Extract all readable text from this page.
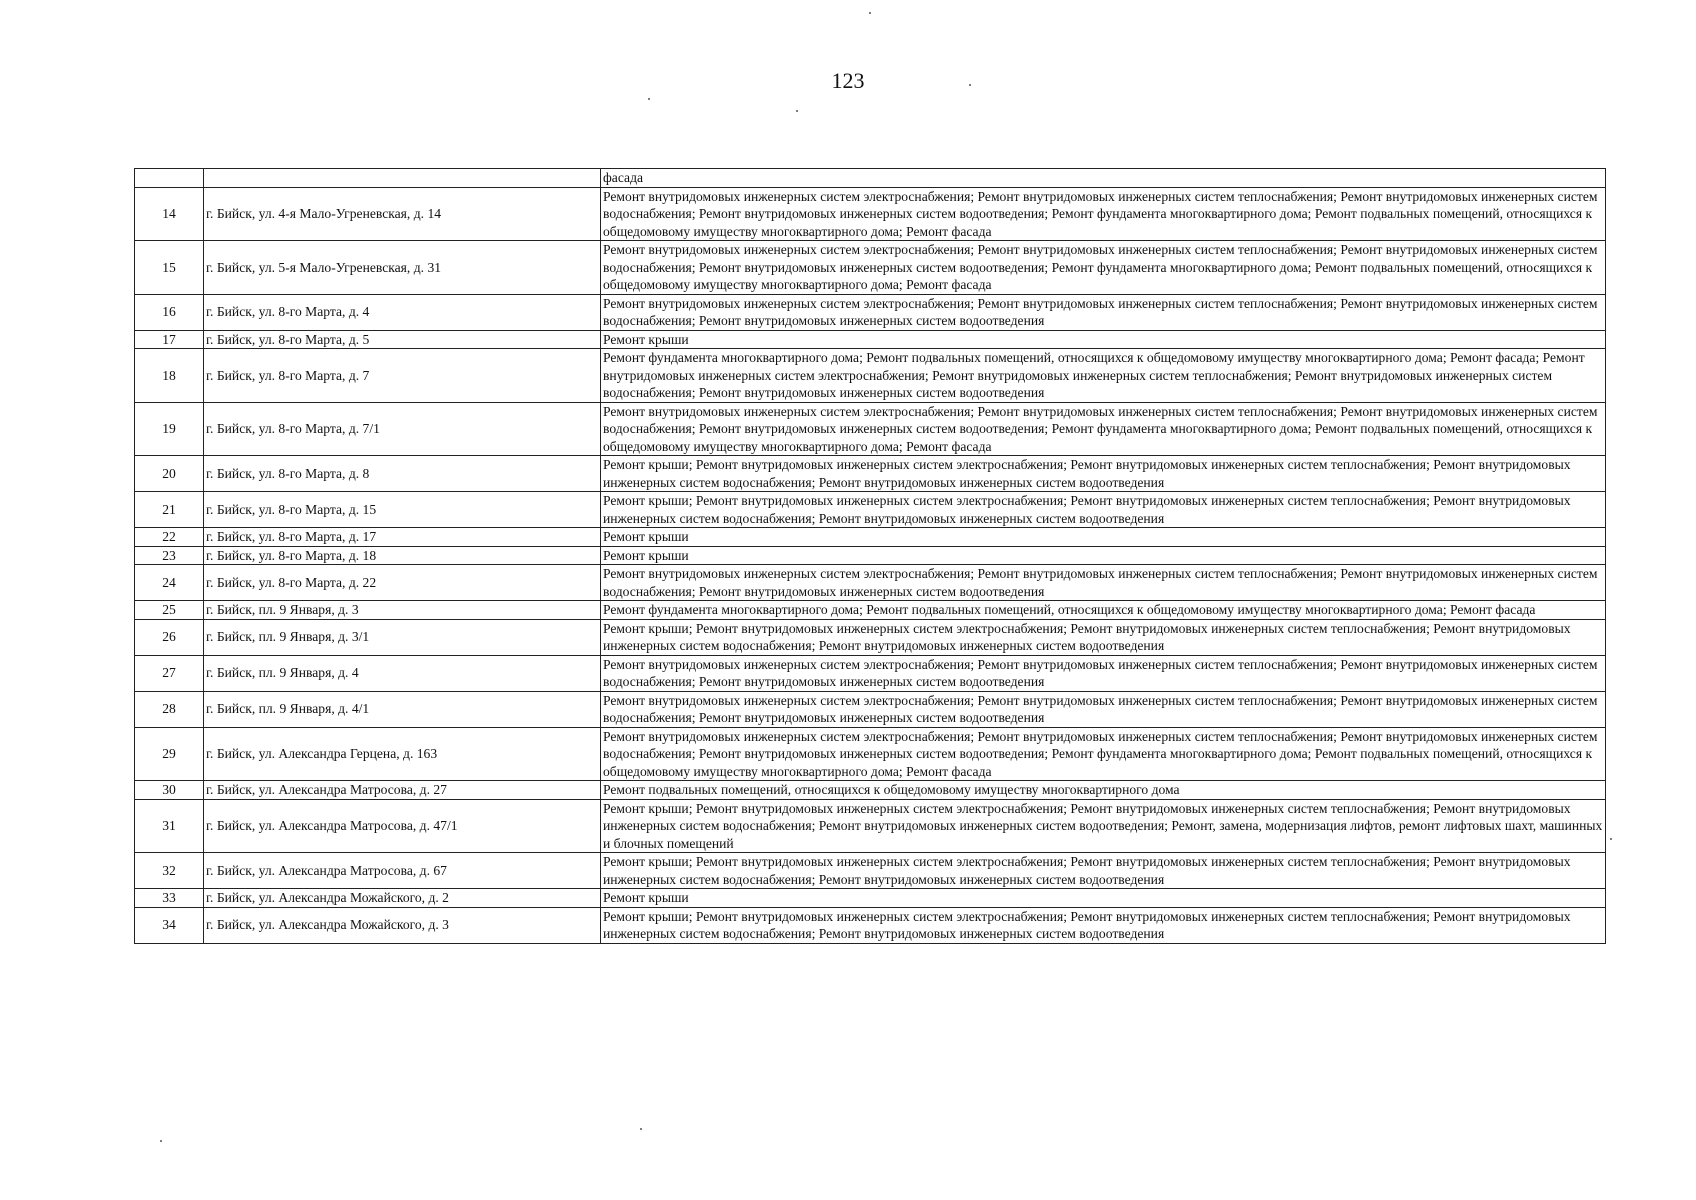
123
		фасада
14	г. Бийск, ул. 4-я Мало-Угреневская, д. 14	Ремонт внутридомовых инженерных систем электроснабжения; Ремонт внутридомовых инженерных систем теплоснабжения; Ремонт внутридомовых инженерных систем водоснабжения; Ремонт внутридомовых инженерных систем водоотведения; Ремонт фундамента многоквартирного дома; Ремонт подвальных помещений, относящихся к общедомовому имуществу многоквартирного дома; Ремонт фасада
15	г. Бийск, ул. 5-я Мало-Угреневская, д. 31	Ремонт внутридомовых инженерных систем электроснабжения; Ремонт внутридомовых инженерных систем теплоснабжения; Ремонт внутридомовых инженерных систем водоснабжения; Ремонт внутридомовых инженерных систем водоотведения; Ремонт фундамента многоквартирного дома; Ремонт подвальных помещений, относящихся к общедомовому имуществу многоквартирного дома; Ремонт фасада
16	г. Бийск, ул. 8-го Марта, д. 4	Ремонт внутридомовых инженерных систем электроснабжения; Ремонт внутридомовых инженерных систем теплоснабжения; Ремонт внутридомовых инженерных систем водоснабжения; Ремонт внутридомовых инженерных систем водоотведения
17	г. Бийск, ул. 8-го Марта, д. 5	Ремонт крыши
18	г. Бийск, ул. 8-го Марта, д. 7	Ремонт фундамента многоквартирного дома; Ремонт подвальных помещений, относящихся к общедомовому имуществу многоквартирного дома; Ремонт фасада; Ремонт внутридомовых инженерных систем электроснабжения; Ремонт внутридомовых инженерных систем теплоснабжения; Ремонт внутридомовых инженерных систем водоснабжения; Ремонт внутридомовых инженерных систем водоотведения
19	г. Бийск, ул. 8-го Марта, д. 7/1	Ремонт внутридомовых инженерных систем электроснабжения; Ремонт внутридомовых инженерных систем теплоснабжения; Ремонт внутридомовых инженерных систем водоснабжения; Ремонт внутридомовых инженерных систем водоотведения; Ремонт фундамента многоквартирного дома; Ремонт подвальных помещений, относящихся к общедомовому имуществу многоквартирного дома; Ремонт фасада
20	г. Бийск, ул. 8-го Марта, д. 8	Ремонт крыши; Ремонт внутридомовых инженерных систем электроснабжения; Ремонт внутридомовых инженерных систем теплоснабжения; Ремонт внутридомовых инженерных систем водоснабжения; Ремонт внутридомовых инженерных систем водоотведения
21	г. Бийск, ул. 8-го Марта, д. 15	Ремонт крыши; Ремонт внутридомовых инженерных систем электроснабжения; Ремонт внутридомовых инженерных систем теплоснабжения; Ремонт внутридомовых инженерных систем водоснабжения; Ремонт внутридомовых инженерных систем водоотведения
22	г. Бийск, ул. 8-го Марта, д. 17	Ремонт крыши
23	г. Бийск, ул. 8-го Марта, д. 18	Ремонт крыши
24	г. Бийск, ул. 8-го Марта, д. 22	Ремонт внутридомовых инженерных систем электроснабжения; Ремонт внутридомовых инженерных систем теплоснабжения; Ремонт внутридомовых инженерных систем водоснабжения; Ремонт внутридомовых инженерных систем водоотведения
25	г. Бийск, пл. 9 Января, д. 3	Ремонт фундамента многоквартирного дома; Ремонт подвальных помещений, относящихся к общедомовому имуществу многоквартирного дома; Ремонт фасада
26	г. Бийск, пл. 9 Января, д. 3/1	Ремонт крыши; Ремонт внутридомовых инженерных систем электроснабжения; Ремонт внутридомовых инженерных систем теплоснабжения; Ремонт внутридомовых инженерных систем водоснабжения; Ремонт внутридомовых инженерных систем водоотведения
27	г. Бийск, пл. 9 Января, д. 4	Ремонт внутридомовых инженерных систем электроснабжения; Ремонт внутридомовых инженерных систем теплоснабжения; Ремонт внутридомовых инженерных систем водоснабжения; Ремонт внутридомовых инженерных систем водоотведения
28	г. Бийск, пл. 9 Января, д. 4/1	Ремонт внутридомовых инженерных систем электроснабжения; Ремонт внутридомовых инженерных систем теплоснабжения; Ремонт внутридомовых инженерных систем водоснабжения; Ремонт внутридомовых инженерных систем водоотведения
29	г. Бийск, ул. Александра Герцена, д. 163	Ремонт внутридомовых инженерных систем электроснабжения; Ремонт внутридомовых инженерных систем теплоснабжения; Ремонт внутридомовых инженерных систем водоснабжения; Ремонт внутридомовых инженерных систем водоотведения; Ремонт фундамента многоквартирного дома; Ремонт подвальных помещений, относящихся к общедомовому имуществу многоквартирного дома; Ремонт фасада
30	г. Бийск, ул. Александра Матросова, д. 27	Ремонт подвальных помещений, относящихся к общедомовому имуществу многоквартирного дома
31	г. Бийск, ул. Александра Матросова, д. 47/1	Ремонт крыши; Ремонт внутридомовых инженерных систем электроснабжения; Ремонт внутридомовых инженерных систем теплоснабжения; Ремонт внутридомовых инженерных систем водоснабжения; Ремонт внутридомовых инженерных систем водоотведения; Ремонт, замена, модернизация лифтов, ремонт лифтовых шахт, машинных и блочных помещений
32	г. Бийск, ул. Александра Матросова, д. 67	Ремонт крыши; Ремонт внутридомовых инженерных систем электроснабжения; Ремонт внутридомовых инженерных систем теплоснабжения; Ремонт внутридомовых инженерных систем водоснабжения; Ремонт внутридомовых инженерных систем водоотведения
33	г. Бийск, ул. Александра Можайского, д. 2	Ремонт крыши
34	г. Бийск, ул. Александра Можайского, д. 3	Ремонт крыши; Ремонт внутридомовых инженерных систем электроснабжения; Ремонт внутридомовых инженерных систем теплоснабжения; Ремонт внутридомовых инженерных систем водоснабжения; Ремонт внутридомовых инженерных систем водоотведения
